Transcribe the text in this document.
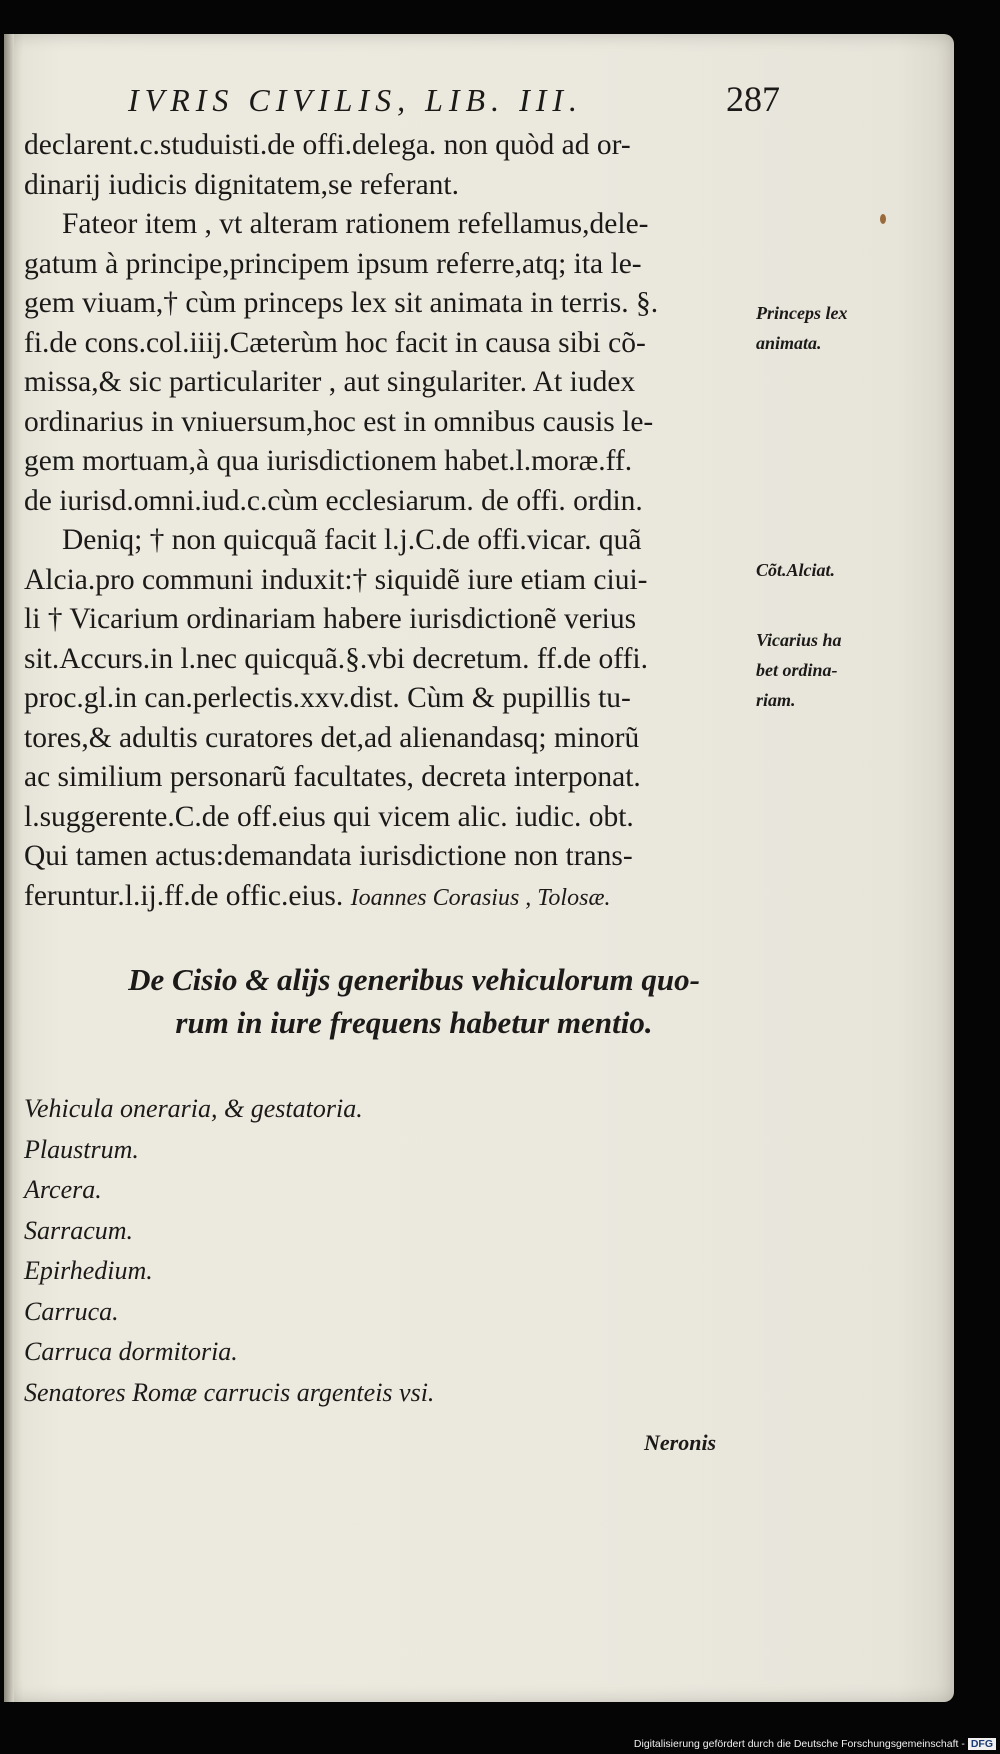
IVRIS CIVILIS, LIB. III.	287
declarent.c.studuisti.de offi.delega. non quòd ad or-
dinarij iudicis dignitatem,se referant.
Fateor item , vt alteram rationem refellamus,dele-
gatum à principe,principem ipsum referre,atq; ita le-
gem viuam,† cùm princeps lex sit animata in terris. §.
fi.de cons.col.iiij.Cæterùm hoc facit in causa sibi cõ-
missa,& sic particulariter , aut singulariter. At iudex
ordinarius in vniuersum,hoc est in omnibus causis le-
gem mortuam,à qua iurisdictionem habet.l.moræ.ff.
de iurisd.omni.iud.c.cùm ecclesiarum. de offi. ordin.
Deniq; † non quicquã facit l.j.C.de offi.vicar. quã
Alcia.pro communi induxit:† siquidẽ iure etiam ciui-
li † Vicarium ordinariam habere iurisdictionẽ verius
sit.Accurs.in l.nec quicquã.§.vbi decretum. ff.de offi.
proc.gl.in can.perlectis.xxv.dist. Cùm & pupillis tu-
tores,& adultis curatores det,ad alienandasq; minorũ
ac similium personarũ facultates, decreta interponat.
l.suggerente.C.de off.eius qui vicem alic. iudic. obt.
Qui tamen actus:demandata iurisdictione non trans-
feruntur.l.ij.ff.de offic.eius. Ioannes Corasius , Tolosæ.
Princeps lex
animata.
Cõt.Alciat.
Vicarius ha
bet ordina-
riam.
De Cisio & alijs generibus vehiculorum quo-
rum in iure frequens habetur mentio.
Vehicula oneraria, & gestatoria.
Plaustrum.
Arcera.
Sarracum.
Epirhedium.
Carruca.
Carruca dormitoria.
Senatores Romæ carrucis argenteis vsi.
Neronis
Digitalisierung gefördert durch die Deutsche Forschungsgemeinschaft - DFG
